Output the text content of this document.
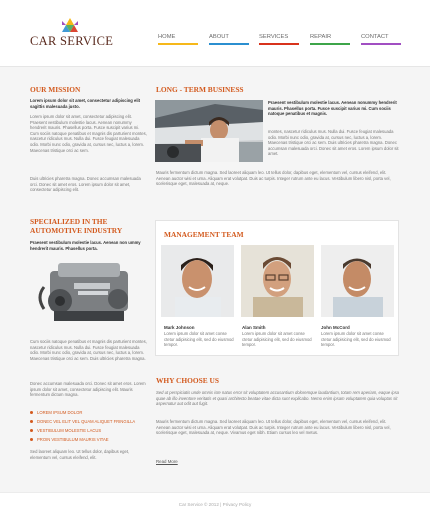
CAR SERVICE	HOME	ABOUT	SERVICES	REPAIR	CONTACT
OUR MISSION
Lorem ipsum dolor sit amet, consectetur adipiscing elit sagittis malesuada justo.
Lorem ipsum dolor sit amet, consectetur adipiscing elit. Praesent vestibulum molestie lacus. Aenean nonummy hendrerit mauris. Phasellus porta. Fusce suscipit varius mi. Cum sociis natoque penatibus et magnis dis parturient montes, nascetur ridiculus mus. Nulla dui. Fusce feugiat malesuada odio. Morbi nunc odio, gravida at, cursus nec, luctus a, lorem. Maecenas tristique orci ac sem.
Duis ultricies pharetra magna. Donec accumsan malesuada orci. Donec sit amet eros. Lorem ipsum dolor sit amet, consectetur adipiscing elit.
LONG - TERM BUSINESS
Praesent vestibulum molestie lacus. Aenean nonummy hendrerit mauris. Phasellus porta. Fusce suscipit varius mi. Cum sociis natoque penatibus et magnis.
montes, nascetur ridiculus mus. Nulla dui. Fusce feugiat malesuada odio. Morbi nunc odio, gravida at, cursus nec, luctus a, lorem. Maecenas tristique orci ac sem. Duis ultricies pharetra magna. Donec accumsan malesuada orci. Donec sit amet eros. Lorem ipsum dolor sit amet.
Mauris fermentum dictum magna. Sed laoreet aliquam leo. Ut tellus dolor, dapibus eget, elementum vel, cursus eleifend, elit. Aenean auctor wisi et urna. Aliquam erat volutpat. Duis ac turpis. Integer rutrum ante eu lacus. Vestibulum libero nisl, porta vel, scelerisque eget, malesuada at, neque.
SPECIALIZED IN THE
AUTOMOTIVE INDUSTRY
Praesent vestibulum molestie lacus. Aenean non ummy hendrerit mauris. Phasellus porta.
Cum sociis natoque penatibus et magnis dis parturient montes, nascetur ridiculus mus. Nulla dui. Fusce feugiat malesuada odio. Morbi nunc odio, gravida at, cursus nec, luctus a, lorem. Maecenas tristique orci ac sem. Duis ultricies pharetra magna.
Donec accumsan malesuada orci. Donec sit amet eros. Lorem ipsum dolor sit amet, consectetur adipiscing elit. Mauris fermentum dictum magna.
LOREM IPSUM DOLOR
DONEC VEL ELIT VEL QUAM ALIQUET FRINGILLA
VESTIBULUM MOLESTIE LACUS
PROIN VESTIBULUM MAURIS VITAE
Sed laoreet aliquam leo. Ut tellus dolor, dapibus eget, elementum vel, cursus eleifend, elit.
MANAGEMENT TEAM
Mark Johnson
Lorem ipsum dolor sit amet conse ctetur adipisicing elit, sed do eiusmod tempor.
Alan Smith
Lorem ipsum dolor sit amet conse ctetur adipisicing elit, sed do eiusmod tempor.
John McCord
Lorem ipsum dolor sit amet conse ctetur adipisicing elit, sed do eiusmod tempor.
WHY CHOOSE US
Sed ut perspiciatis unde omnis iste natus error sit voluptatem accusantium doloremque laudantium, totam rem aperiam, eaque ipsa quae ab illo inventore veritatis et quasi architecto beatae vitae dicta sunt explicabo. Nemo enim ipsam voluptatem quia voluptas sit aspernatur aut odit aut fugit.
Mauris fermentum dictum magna. Sed laoreet aliquam leo. Ut tellus dolor, dapibus eget, elementum vel, cursus eleifend, elit. Aenean auctor wisi et urna. Aliquam erat volutpat. Duis ac turpis. Integer rutrum ante eu lacus. Vestibulum libero nisl, porta vel, scelerisque eget, malesuada at, neque. Vivamus eget nibh. Etiam cursus leo vel metus.
Read More
Car Service © 2012 | Privacy Policy
